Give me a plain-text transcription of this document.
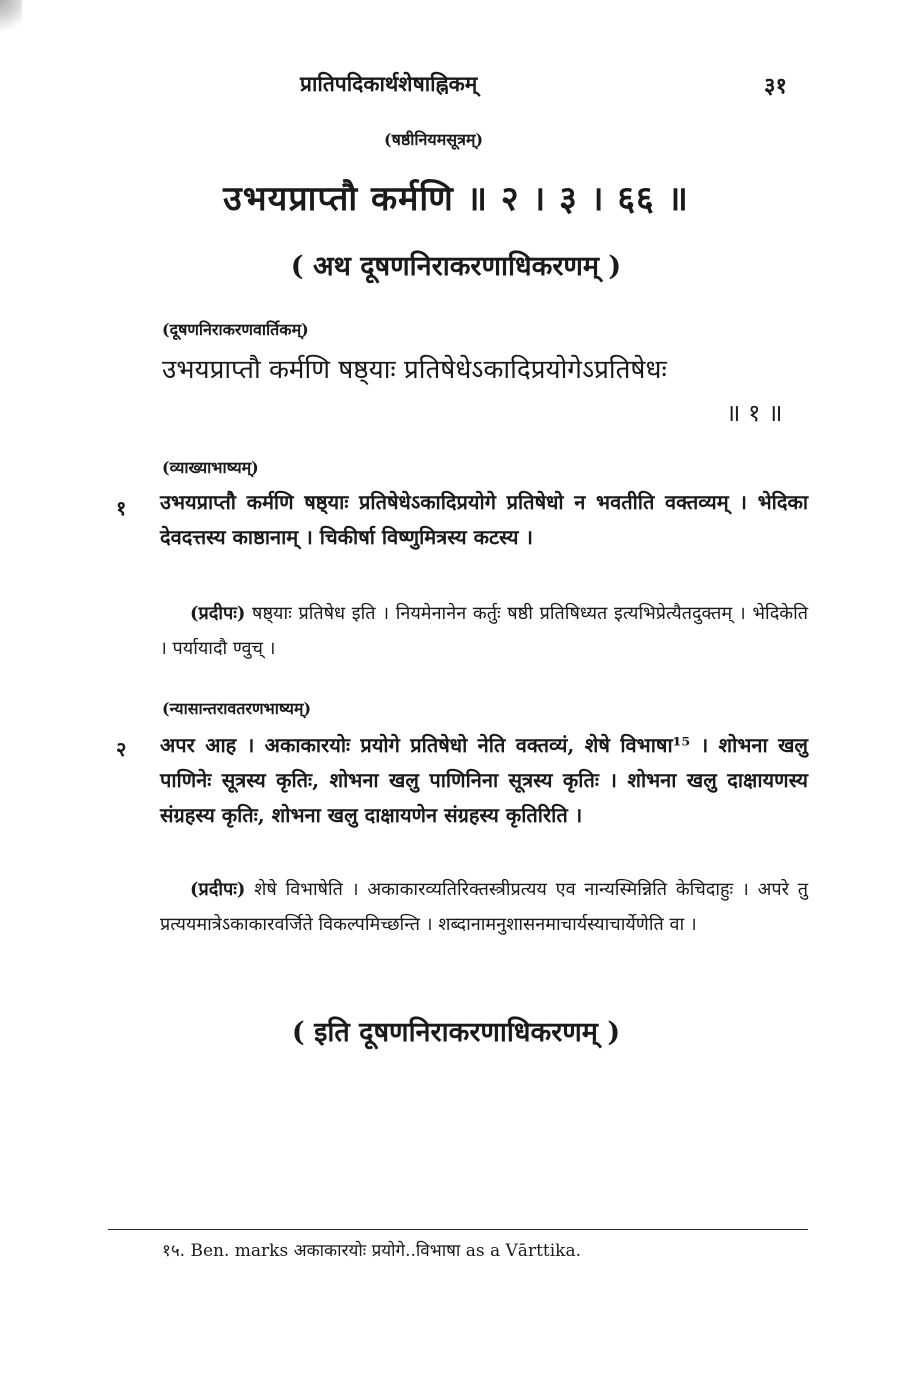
प्रातिपदिकार्थशेषाह्निकम्	३१
(षष्ठीनियमसूत्रम्)
उभयप्राप्तौ कर्मणि ॥ २ । ३ । ६६ ॥
( अथ दूषणनिराकरणाधिकरणम् )
(दूषणनिराकरणवार्तिकम्)
उभयप्राप्तौ कर्मणि षष्ठ्याः प्रतिषेधेऽकादिप्रयोगेऽप्रतिषेधः
॥ १ ॥
(व्याख्याभाष्यम्)
१ उभयप्राप्तौ कर्मणि षष्ठ्याः प्रतिषेधेऽकादिप्रयोगे प्रतिषेधो न भवतीति वक्तव्यम् । भेदिका देवदत्तस्य काष्ठानाम् । चिकीर्षा विष्णुमित्रस्य कटस्य ।

(प्रदीपः) षष्ठ्याः प्रतिषेध इति । नियमेनानेन कर्तुः षष्ठी प्रतिषिध्यत इत्यभिप्रेत्यैतदुक्तम् । भेदिकेति । पर्यायादौ ण्वुच् ।

(न्यासान्तरावतरणभाष्यम्)
२ अपर आह । अकाकारयोः प्रयोगे प्रतिषेधो नेति वक्तव्यं, शेषे विभाषा¹⁵ । शोभना खलु पाणिनेः सूत्रस्य कृतिः, शोभना खलु पाणिनिना सूत्रस्य कृतिः । शोभना खलु दाक्षायणस्य संग्रहस्य कृतिः, शोभना खलु दाक्षायणेन संग्रहस्य कृतिरिति ।

(प्रदीपः) शेषे विभाषेति । अकाकारव्यतिरिक्तस्त्रीप्रत्यय एव नान्यस्मिन्निति केचिदाहुः । अपरे तु प्रत्ययमात्रेऽकाकारवर्जिते विकल्पमिच्छन्ति । शब्दानामनुशासनमाचार्यस्याचार्येणेति वा ।

( इति दूषणनिराकरणाधिकरणम् )
१५. Ben. marks अकाकारयोः प्रयोगे..विभाषा as a Vārttika.
